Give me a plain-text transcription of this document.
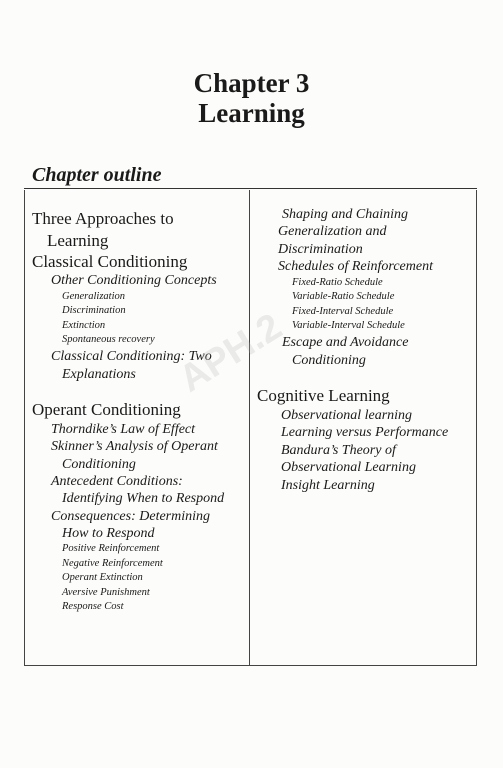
Chapter 3
Learning
Chapter outline
Three Approaches to
Learning
Classical Conditioning
Other Conditioning Concepts
Generalization
Discrimination
Extinction
Spontaneous recovery
Classical Conditioning: Two
Explanations
Operant Conditioning
Thorndike’s Law of Effect
Skinner’s Analysis of Operant
Conditioning
Antecedent Conditions:
Identifying When to Respond
Consequences: Determining
How to Respond
Positive Reinforcement
Negative Reinforcement
Operant Extinction
Aversive Punishment
Response Cost
Shaping and Chaining
Generalization and
Discrimination
Schedules of Reinforcement
Fixed-Ratio Schedule
Variable-Ratio Schedule
Fixed-Interval Schedule
Variable-Interval Schedule
Escape and Avoidance
Conditioning
Cognitive Learning
Observational learning
Learning versus Performance
Bandura’s Theory of
Observational Learning
Insight Learning
APH.2
